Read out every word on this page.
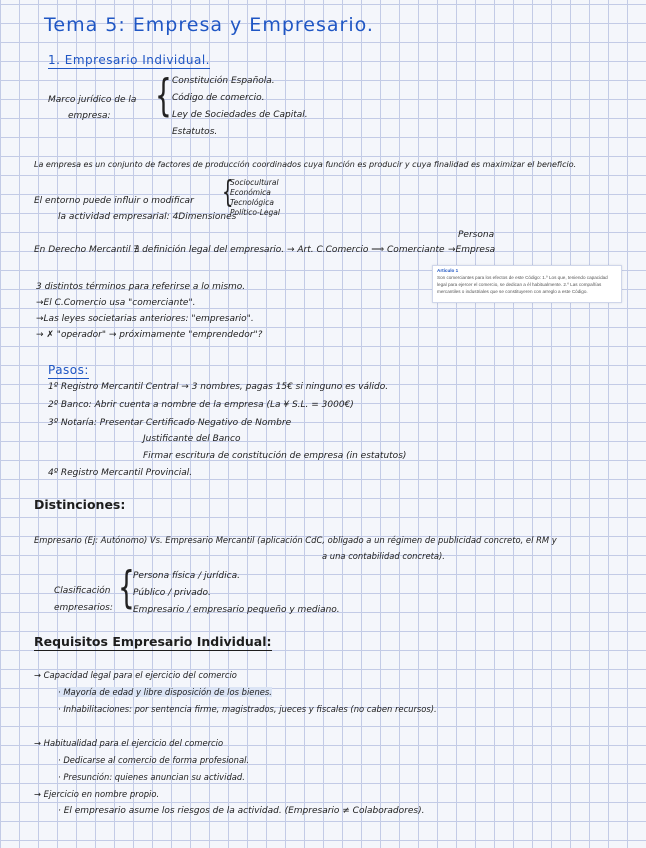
Tema 5: Empresa y Empresario.
1. Empresario Individual.
Marco jurídico de la
empresa: { Constitución Española.
Código de comercio.
Ley de Sociedades de Capital.
Estatutos.
La empresa es un conjunto de factores de producción coordinados cuya función es producir y cuya finalidad es maximizar el beneficio.
El entorno puede influir o modificar
la actividad empresarial: 4Dimensiones
{
Sociocultural
Económica
Tecnológica
Político-Legal
En Derecho Mercantil ∄ definición legal del empresario. → Art. C.Comercio ⟹ Comerciante
Persona
→Empresa
Artículo 1
Son comerciantes para los efectos de este Código: 1.º Los que, teniendo capacidad legal para ejercer el comercio, se dedican a él habitualmente. 2.º Las compañías mercantiles o industriales que se constituyeren con arreglo a este Código.
3 distintos términos para referirse a lo mismo.
→El C.Comercio usa "comerciante".
→Las leyes societarias anteriores: "empresario".
→ ✗ "operador" → próximamente "emprendedor"?
Pasos:
1º Registro Mercantil Central → 3 nombres, pagas 15€ si ninguno es válido.
2º Banco: Abrir cuenta a nombre de la empresa (La ¥ S.L. = 3000€)
3º Notaría: Presentar Certificado Negativo de Nombre
Justificante del Banco
Firmar escritura de constitución de empresa (in estatutos)
4º Registro Mercantil Provincial.
Distinciones:
Empresario (Ej: Autónomo) Vs. Empresario Mercantil (aplicación CdC, obligado a un régimen de publicidad concreto, el RM y
a una contabilidad concreta).
Clasificación
empresarios: {
Persona física / jurídica.
Público / privado.
Empresario / empresario pequeño y mediano.
Requisitos Empresario Individual:
→ Capacidad legal para el ejercicio del comercio
· Mayoría de edad y libre disposición de los bienes.
· Inhabilitaciones: por sentencia firme, magistrados, jueces y fiscales (no caben recursos).
→ Habitualidad para el ejercicio del comercio
· Dedicarse al comercio de forma profesional.
· Presunción: quienes anuncian su actividad.
→ Ejercicio en nombre propio.
· El empresario asume los riesgos de la actividad. (Empresario ≠ Colaboradores).
